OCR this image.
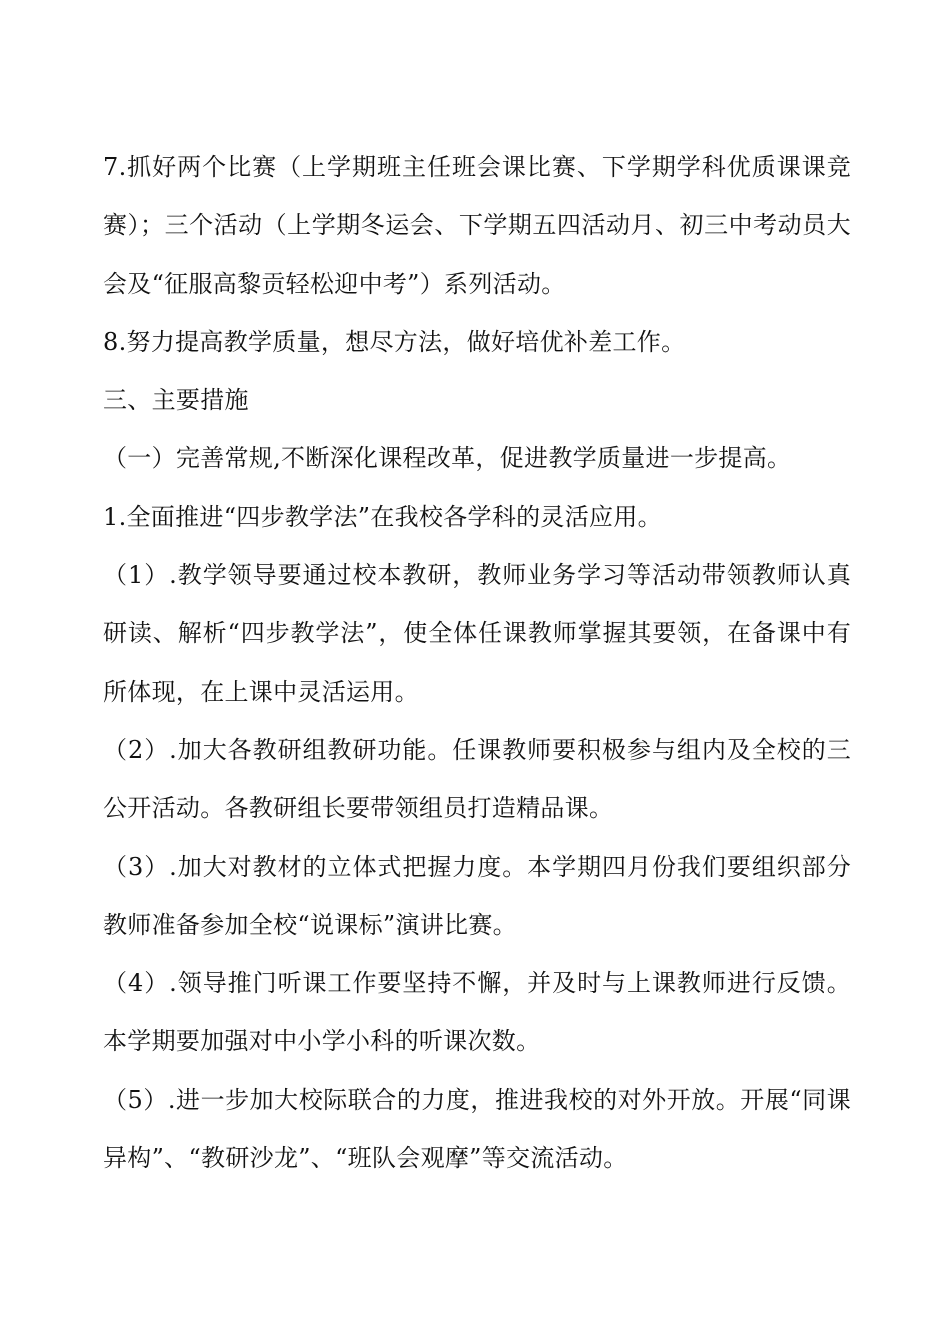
7.抓好两个比赛（上学期班主任班会课比赛、下学期学科优质课课竞赛）；三个活动（上学期冬运会、下学期五四活动月、初三中考动员大会及“征服高黎贡轻松迎中考”）系列活动。

8.努力提高教学质量，想尽方法，做好培优补差工作。

三、主要措施

（一）完善常规,不断深化课程改革，促进教学质量进一步提高。

1.全面推进“四步教学法”在我校各学科的灵活应用。

（1）.教学领导要通过校本教研，教师业务学习等活动带领教师认真研读、解析“四步教学法”，使全体任课教师掌握其要领，在备课中有所体现，在上课中灵活运用。

（2）.加大各教研组教研功能。任课教师要积极参与组内及全校的三公开活动。各教研组长要带领组员打造精品课。

（3）.加大对教材的立体式把握力度。本学期四月份我们要组织部分教师准备参加全校“说课标”演讲比赛。

（4）.领导推门听课工作要坚持不懈，并及时与上课教师进行反馈。本学期要加强对中小学小科的听课次数。

（5）.进一步加大校际联合的力度，推进我校的对外开放。开展“同课异构”、“教研沙龙”、“班队会观摩”等交流活动。
